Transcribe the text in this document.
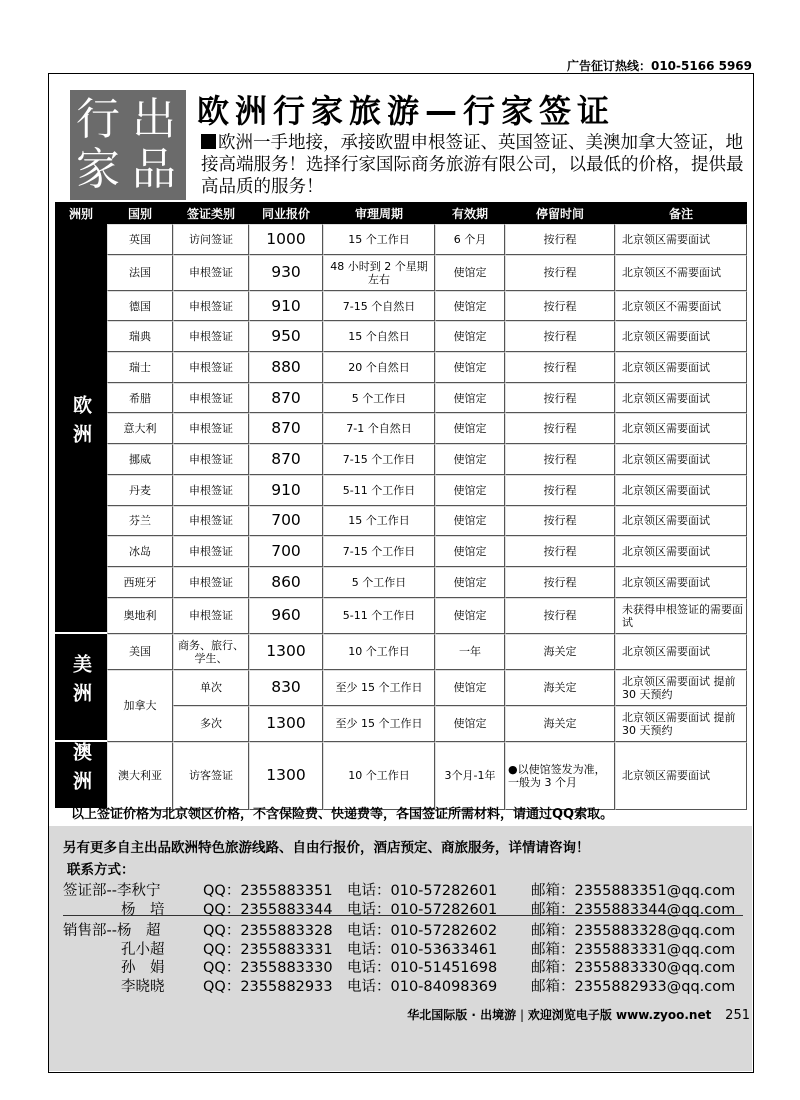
广告征订热线：010-5166 5969
行 出
家 品
欧洲行家旅游—行家签证
欧洲一手地接，承接欧盟申根签证、英国签证、美澳加拿大签证，地接高端服务！选择行家国际商务旅游有限公司，以最低的价格，提供最高品质的服务！
洲别	国别	签证类别	同业报价	审理周期	有效期	停留时间	备注
欧洲	英国	访问签证	1000	15 个工作日	6 个月	按行程	北京领区需要面试
	法国	申根签证	930	48 小时到 2 个星期左右	使馆定	按行程	北京领区不需要面试
	德国	申根签证	910	7-15 个自然日	使馆定	按行程	北京领区不需要面试
	瑞典	申根签证	950	15 个自然日	使馆定	按行程	北京领区需要面试
	瑞士	申根签证	880	20 个自然日	使馆定	按行程	北京领区需要面试
	希腊	申根签证	870	5 个工作日	使馆定	按行程	北京领区需要面试
	意大利	申根签证	870	7-1 个自然日	使馆定	按行程	北京领区需要面试
	挪威	申根签证	870	7-15 个工作日	使馆定	按行程	北京领区需要面试
	丹麦	申根签证	910	5-11 个工作日	使馆定	按行程	北京领区需要面试
	芬兰	申根签证	700	15 个工作日	使馆定	按行程	北京领区需要面试
	冰岛	申根签证	700	7-15 个工作日	使馆定	按行程	北京领区需要面试
	西班牙	申根签证	860	5 个工作日	使馆定	按行程	北京领区需要面试
	奥地利	申根签证	960	5-11 个工作日	使馆定	按行程	未获得申根签证的需要面试
美洲	美国	商务、旅行、学生、	1300	10 个工作日	一年	海关定	北京领区需要面试
	加拿大	单次	830	至少 15 个工作日	使馆定	海关定	北京领区需要面试 提前 30 天预约
		多次	1300	至少 15 个工作日	使馆定	海关定	北京领区需要面试 提前 30 天预约
澳洲	澳大利亚	访客签证	1300	10 个工作日	3个月-1年	●以使馆签发为准，一般为 3 个月	北京领区需要面试
以上签证价格为北京领区价格，不含保险费、快递费等，各国签证所需材料，请通过QQ索取。
另有更多自主出品欧洲特色旅游线路、自由行报价，酒店预定、商旅服务，详情请咨询！
联系方式：
签证部--李秋宁	QQ：2355883351 电话：010-57282601 邮箱：2355883351@qq.com
　　　　杨　培	QQ：2355883344 电话：010-57282601 邮箱：2355883344@qq.com
销售部--杨　超	QQ：2355883328 电话：010-57282602 邮箱：2355883328@qq.com
　　　　孔小超	QQ：2355883331 电话：010-53633461 邮箱：2355883331@qq.com
　　　　孙　娟	QQ：2355883330 电话：010-51451698 邮箱：2355883330@qq.com
　　　　李晓晓	QQ：2355882933 电话：010-84098369 邮箱：2355882933@qq.com
华北国际版 · 出境游 | 欢迎浏览电子版 www.zyoo.net 251
